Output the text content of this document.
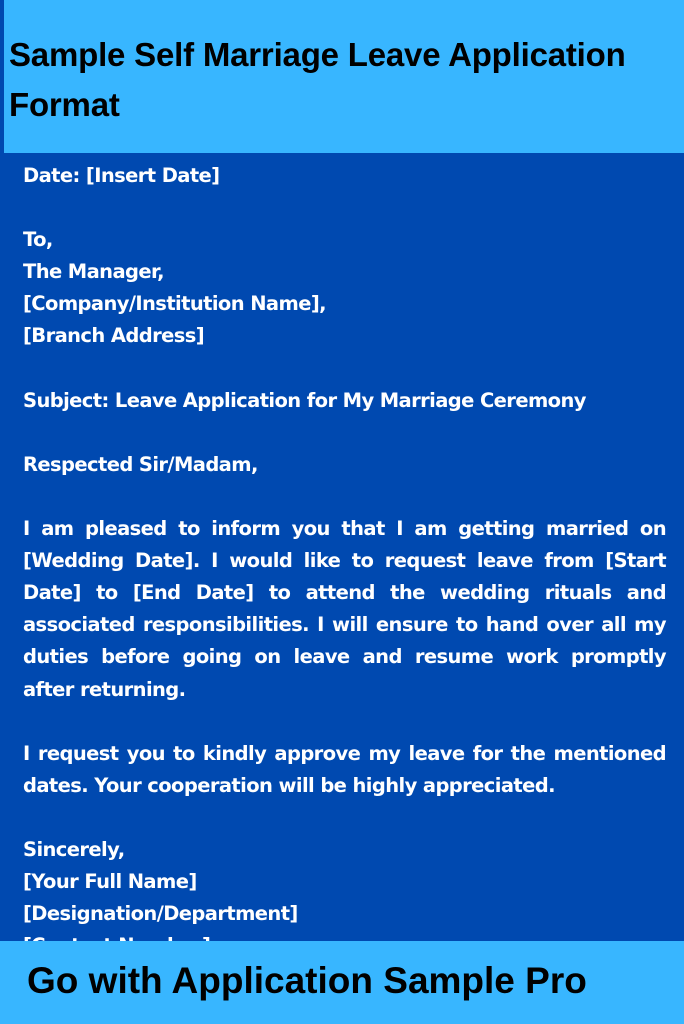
Sample Self Marriage Leave Application Format
Date: [Insert Date]
To,
The Manager,
[Company/Institution Name],
[Branch Address]
Subject: Leave Application for My Marriage Ceremony
Respected Sir/Madam,
I am pleased to inform you that I am getting married on [Wedding Date]. I would like to request leave from [Start Date] to [End Date] to attend the wedding rituals and associated responsibilities. I will ensure to hand over all my duties before going on leave and resume work promptly after returning.
I request you to kindly approve my leave for the mentioned dates. Your cooperation will be highly appreciated.
Sincerely,
[Your Full Name]
[Designation/Department]
Go with Application Sample Pro
